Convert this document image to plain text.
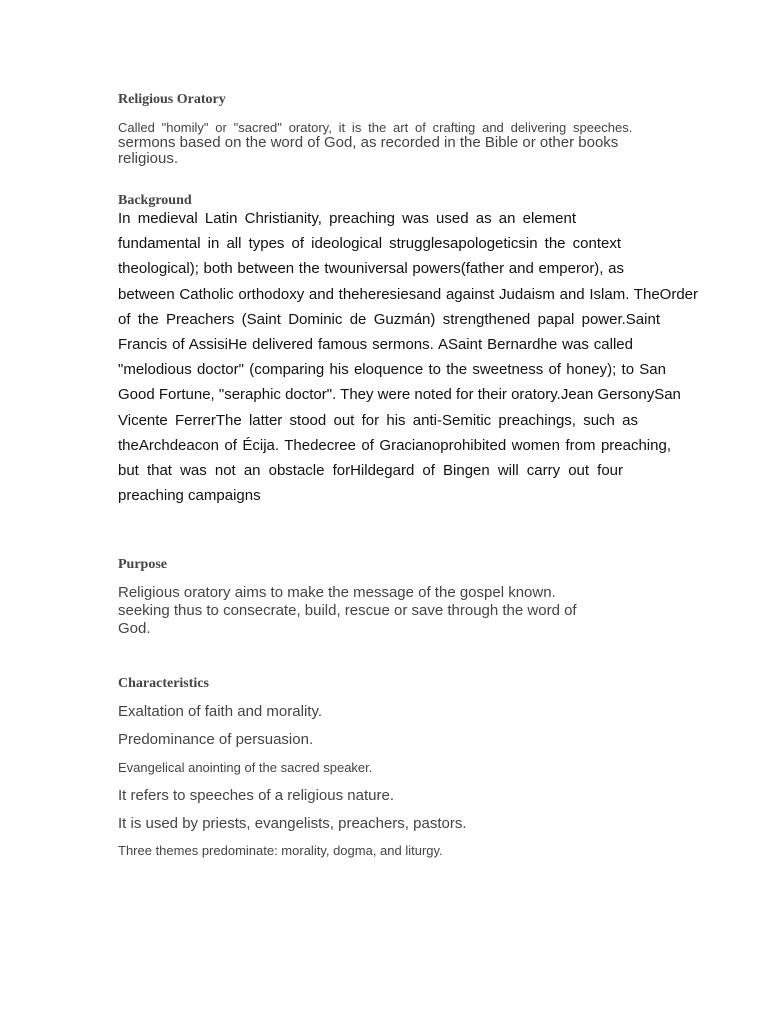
Religious Oratory
Called "homily" or "sacred" oratory, it is the art of crafting and delivering speeches.
sermons based on the word of God, as recorded in the Bible or other books
religious.
Background
In medieval Latin Christianity, preaching was used as an element
fundamental in all types of ideological strugglesapologeticsin the context
theological); both between the twouniversal powers(father and emperor), as
between Catholic orthodoxy and theheresiesand against Judaism and Islam. TheOrder
of the Preachers (Saint Dominic de Guzmán) strengthened papal power.Saint
Francis of AssisiHe delivered famous sermons. ASaint Bernardhe was called
"melodious doctor" (comparing his eloquence to the sweetness of honey); to San
Good Fortune, "seraphic doctor". They were noted for their oratory.Jean GersonySan
Vicente FerrerThe latter stood out for his anti-Semitic preachings, such as
theArchdeacon of Écija. Thedecree of Gracianoprohibited women from preaching,
but that was not an obstacle forHildegard of Bingen will carry out four
preaching campaigns
Purpose
Religious oratory aims to make the message of the gospel known.
seeking thus to consecrate, build, rescue or save through the word of
God.
Characteristics
Exaltation of faith and morality.
Predominance of persuasion.
Evangelical anointing of the sacred speaker.
It refers to speeches of a religious nature.
It is used by priests, evangelists, preachers, pastors.
Three themes predominate: morality, dogma, and liturgy.
